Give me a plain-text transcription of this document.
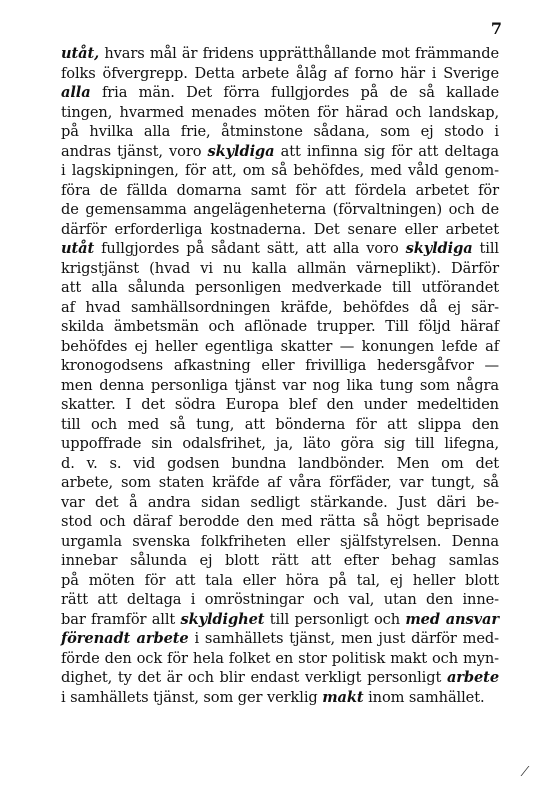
7
utåt, hvars mål är fridens upprätthållande mot främmande
folks öfvergrepp. Detta arbete ålåg af forno här i Sverige
alla fria män. Det förra fullgjordes på de så kallade
tingen, hvarmed menades möten för härad och landskap,
på hvilka alla frie, åtminstone sådana, som ej stodo i
andras tjänst, voro skyldiga att infinna sig för att deltaga
i lagskipningen, för att, om så behöfdes, med våld genom-
föra de fällda domarna samt för att fördela arbetet för
de gemensamma angelägenheterna (förvaltningen) och de
därför erforderliga kostnaderna. Det senare eller arbetet
utåt fullgjordes på sådant sätt, att alla voro skyldiga till
krigstjänst (hvad vi nu kalla allmän värneplikt). Därför
att alla sålunda personligen medverkade till utförandet
af hvad samhällsordningen kräfde, behöfdes då ej sär-
skilda ämbetsmän och aflönade trupper. Till följd häraf
behöfdes ej heller egentliga skatter — konungen lefde af
kronogodsens afkastning eller frivilliga hedersgåfvor —
men denna personliga tjänst var nog lika tung som några
skatter. I det södra Europa blef den under medeltiden
till och med så tung, att bönderna för att slippa den
uppoffrade sin odalsfrihet, ja, läto göra sig till lifegna,
d. v. s. vid godsen bundna landbönder. Men om det
arbete, som staten kräfde af våra förfäder, var tungt, så
var det å andra sidan sedligt stärkande. Just däri be-
stod och däraf berodde den med rätta så högt beprisade
urgamla svenska folkfriheten eller själfstyrelsen. Denna
innebar sålunda ej blott rätt att efter behag samlas
på möten för att tala eller höra på tal, ej heller blott
rätt att deltaga i omröstningar och val, utan den inne-
bar framför allt skyldighet till personligt och med ansvar
förenadt arbete i samhällets tjänst, men just därför med-
förde den ock för hela folket en stor politisk makt och myn-
dighet, ty det är och blir endast verkligt personligt arbete
i samhällets tjänst, som ger verklig makt inom samhället.
⁄
